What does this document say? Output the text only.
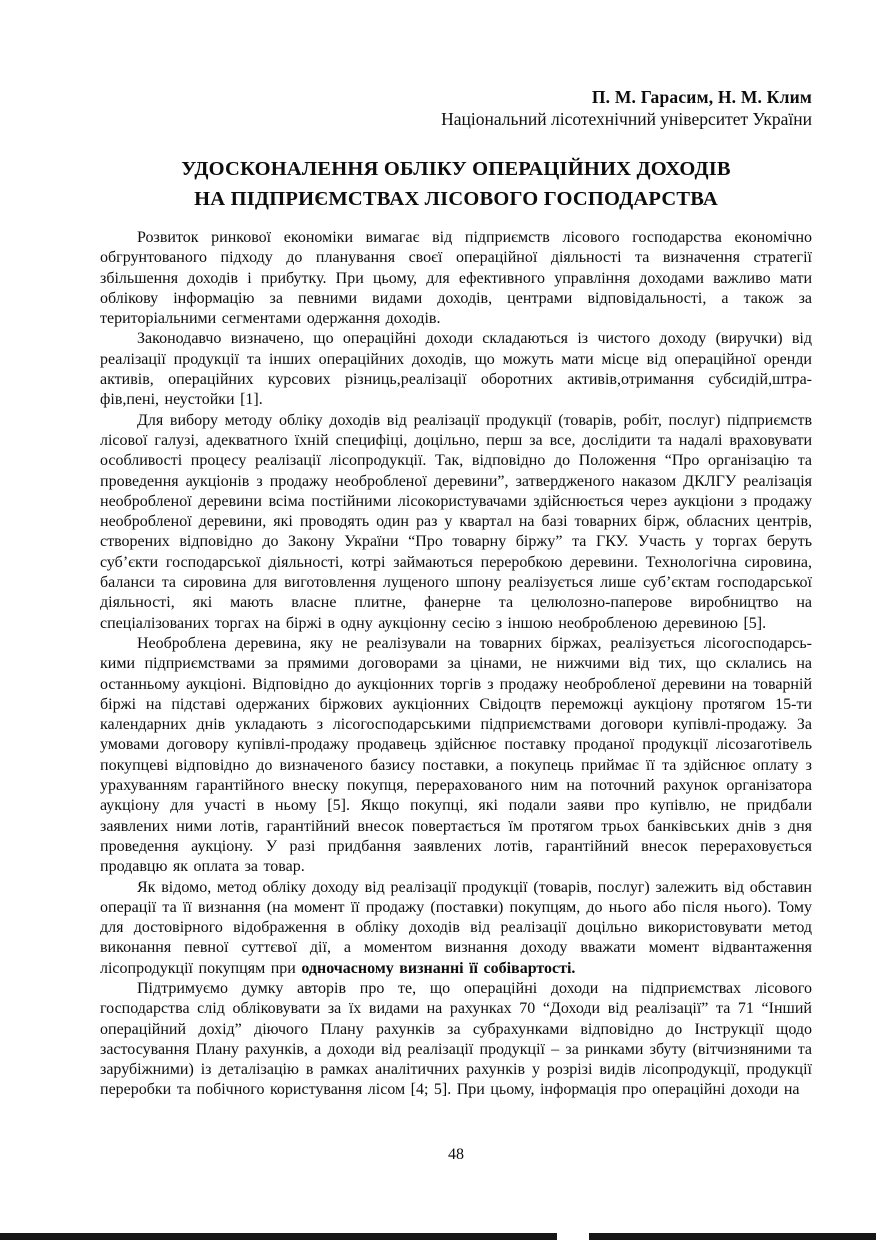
П. М. Гарасим, Н. М. Клим
Національний лісотехнічний університет України
УДОСКОНАЛЕННЯ ОБЛІКУ ОПЕРАЦІЙНИХ ДОХОДІВ
НА ПІДПРИЄМСТВАХ ЛІСОВОГО ГОСПОДАРСТВА

Розвиток ринкової економіки вимагає від підприємств лісового господарства економічно обгрунтованого підходу до планування своєї операційної діяльності та визначення стратегії збільшення доходів і прибутку. При цьому, для ефективного управління доходами важливо мати облікову інформацію за певними видами доходів, центрами відповідальності, а також за територіальними сегментами одержання доходів.

Законодавчо визначено, що операційні доходи складаються із чистого доходу (виручки) від реалізації продукції та інших операційних доходів, що можуть мати місце від операційної оренди активів, операційних курсових різниць,реалізації оборотних активів,отримання субсидій,штра-фів,пені, неустойки [1].

Для вибору методу обліку доходів від реалізації продукції (товарів, робіт, послуг) підприємств лісової галузі, адекватного їхній специфіці, доцільно, перш за все, дослідити та надалі враховувати особливості процесу реалізації лісопродукції. Так, відповідно до Положення “Про організацію та проведення аукціонів з продажу необробленої деревини”, затвердженого наказом ДКЛГУ реалізація необробленої деревини всіма постійними лісокористувачами здійснюється через аукціони з продажу необробленої деревини, які проводять один раз у квартал на базі товарних бірж, обласних центрів, створених відповідно до Закону України “Про товарну біржу” та ГКУ. Участь у торгах беруть суб’єкти господарської діяльності, котрі займаються переробкою деревини. Технологічна сировина, баланси та сировина для виготовлення лущеного шпону реалізується лише суб’єктам господарської діяльності, які мають власне плитне, фанерне та целюлозно-паперове виробництво на спеціалізованих торгах на біржі в одну аукціонну сесію з іншою необробленою деревиною [5].

Необроблена деревина, яку не реалізували на товарних біржах, реалізується лісогосподарсь-кими підприємствами за прямими договорами за цінами, не нижчими від тих, що склались на останньому аукціоні. Відповідно до аукціонних торгів з продажу необробленої деревини на товарній біржі на підставі одержаних біржових аукціонних Свідоцтв переможці аукціону протягом 15-ти календарних днів укладають з лісогосподарськими підприємствами договори купівлі-продажу. За умовами договору купівлі-продажу продавець здійснює поставку проданої продукції лісозаготівель покупцеві відповідно до визначеного базису поставки, а покупець приймає її та здійснює оплату з урахуванням гарантійного внеску покупця, перерахованого ним на поточний рахунок організатора аукціону для участі в ньому [5]. Якщо покупці, які подали заяви про купівлю, не придбали заявлених ними лотів, гарантійний внесок повертається їм протягом трьох банківських днів з дня проведення аукціону. У разі придбання заявлених лотів, гарантійний внесок перераховується продавцю як оплата за товар.

Як відомо, метод обліку доходу від реалізації продукції (товарів, послуг) залежить від обставин операції та її визнання (на момент її продажу (поставки) покупцям, до нього або після нього). Тому для достовірного відображення в обліку доходів від реалізації доцільно використовувати метод виконання певної суттєвої дії, а моментом визнання доходу вважати момент відвантаження лісопродукції покупцям при одночасному визнанні її собівартості.

Підтримуємо думку авторів про те, що операційні доходи на підприємствах лісового господарства слід обліковувати за їх видами на рахунках 70 “Доходи від реалізації” та 71 “Інший операційний дохід” діючого Плану рахунків за субрахунками відповідно до Інструкції щодо застосування Плану рахунків, а доходи від реалізації продукції – за ринками збуту (вітчизняними та зарубіжними) із деталізацію в рамках аналітичних рахунків у розрізі видів лісопродукції, продукції переробки та побічного користування лісом [4; 5]. При цьому, інформація про операційні доходи на

48
